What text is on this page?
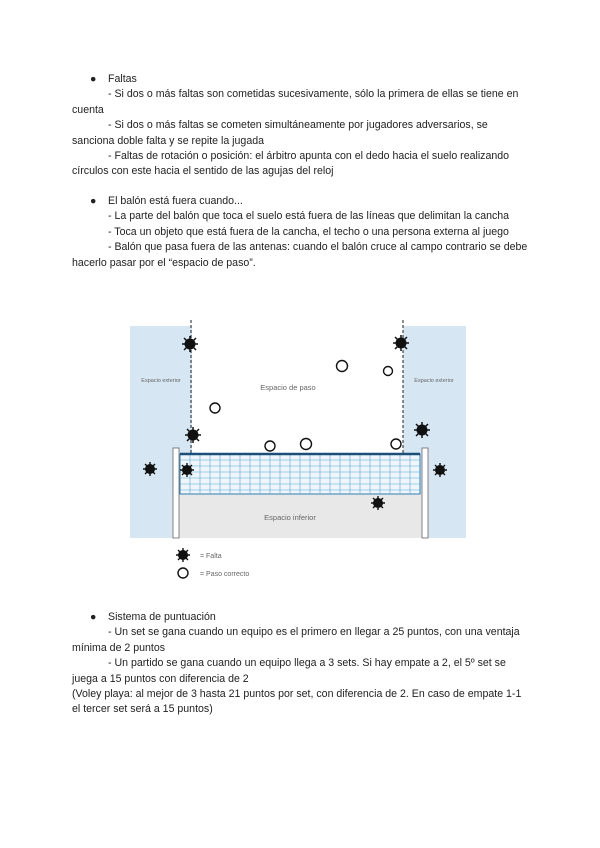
● Faltas
- Si dos o más faltas son cometidas sucesivamente, sólo la primera de ellas se tiene en cuenta
- Si dos o más faltas se cometen simultáneamente por jugadores adversarios, se sanciona doble falta y se repite la jugada
- Faltas de rotación o posición: el árbitro apunta con el dedo hacia el suelo realizando círculos con este hacia el sentido de las agujas del reloj
● El balón está fuera cuando...
- La parte del balón que toca el suelo está fuera de las líneas que delimitan la cancha
- Toca un objeto que está fuera de la cancha, el techo o una persona externa al juego
- Balón que pasa fuera de las antenas: cuando el balón cruce al campo contrario se debe hacerlo pasar por el “espacio de paso”.
Espacio de paso
Espacio exterior	Espacio exterior
Espacio inferior
= Falta
= Paso correcto
● Sistema de puntuación
- Un set se gana cuando un equipo es el primero en llegar a 25 puntos, con una ventaja mínima de 2 puntos
- Un partido se gana cuando un equipo llega a 3 sets. Si hay empate a 2, el 5º set se juega a 15 puntos con diferencia de 2
(Voley playa: al mejor de 3 hasta 21 puntos por set, con diferencia de 2. En caso de empate 1-1 el tercer set será a 15 puntos)
